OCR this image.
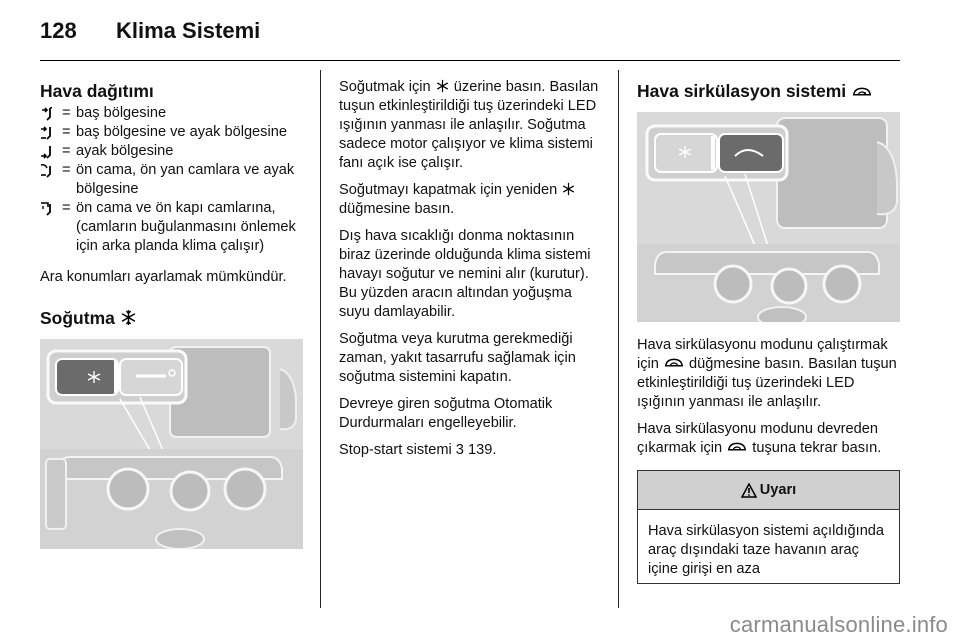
128 Klima Sistemi
Hava dağıtımı
= baş bölgesine
= baş bölgesine ve ayak bölgesine
= ayak bölgesine
= ön cama, ön yan camlara ve ayak bölgesine
= ön cama ve ön kapı camlarına, (camların buğulanmasını önlemek için arka planda klima çalışır)

Ara konumları ayarlamak mümkündür.

Soğutma

Soğutmak için üzerine basın. Basılan tuşun etkinleştirildiği tuş üzerindeki LED ışığının yanması ile anlaşılır. Soğutma sadece motor çalışıyor ve klima sistemi fanı açık ise çalışır.

Soğutmayı kapatmak için yeniden  düğmesine basın.

Dış hava sıcaklığı donma noktasının biraz üzerinde olduğunda klima sistemi havayı soğutur ve nemini alır (kurutur). Bu yüzden aracın altından yoğuşma suyu damlayabilir.

Soğutma veya kurutma gerekmediği zaman, yakıt tasarrufu sağlamak için soğutma sistemini kapatın.

Devreye giren soğutma Otomatik Durdurmaları engelleyebilir.

Stop-start sistemi 3 139.

Hava sirkülasyon sistemi

Hava sirkülasyonu modunu çalıştırmak için düğmesine basın. Basılan tuşun etkinleştirildiği tuş üzerindeki LED ışığının yanması ile anlaşılır.

Hava sirkülasyonu modunu devreden çıkarmak için tuşuna tekrar basın.

Uyarı
Hava sirkülasyon sistemi açıldığında araç dışındaki taze havanın araç içine girişi en aza
carmanualsonline.info
